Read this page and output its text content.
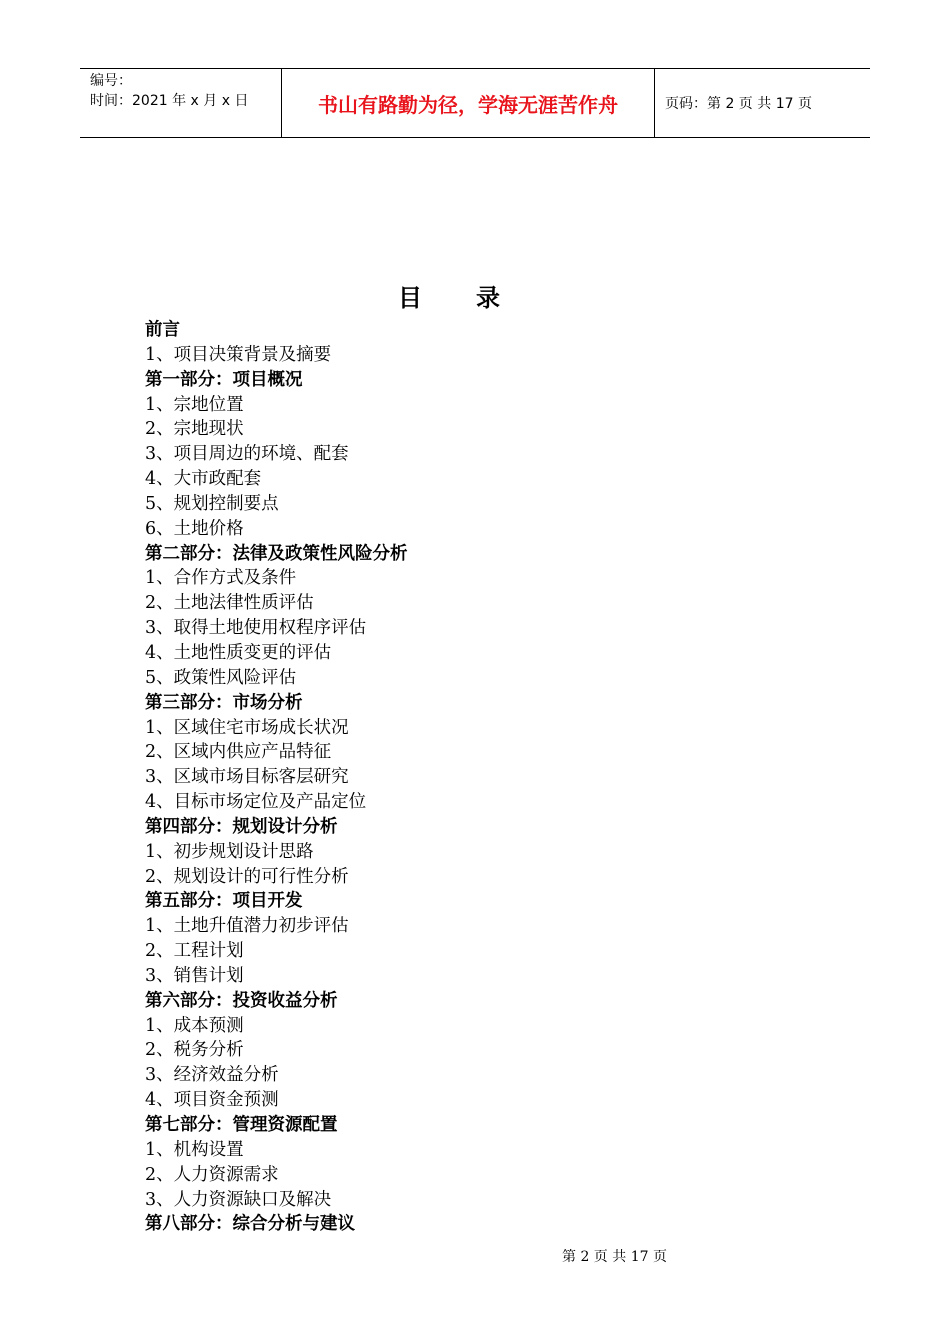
编号：
时间：2021 年 x 月 x 日	书山有路勤为径，学海无涯苦作舟	页码：第 2 页 共 17 页
目　　录
前言
1、项目决策背景及摘要
第一部分：项目概况
1、宗地位置
2、宗地现状
3、项目周边的环境、配套
4、大市政配套
5、规划控制要点
6、土地价格
第二部分：法律及政策性风险分析
1、合作方式及条件
2、土地法律性质评估
3、取得土地使用权程序评估
4、土地性质变更的评估
5、政策性风险评估
第三部分：市场分析
1、区域住宅市场成长状况
2、区域内供应产品特征
3、区域市场目标客层研究
4、目标市场定位及产品定位
第四部分：规划设计分析
1、初步规划设计思路
2、规划设计的可行性分析
第五部分：项目开发
1、土地升值潜力初步评估
2、工程计划
3、销售计划
第六部分：投资收益分析
1、成本预测
2、税务分析
3、经济效益分析
4、项目资金预测
第七部分：管理资源配置
1、机构设置
2、人力资源需求
3、人力资源缺口及解决
第八部分：综合分析与建议
第 2 页 共 17 页
